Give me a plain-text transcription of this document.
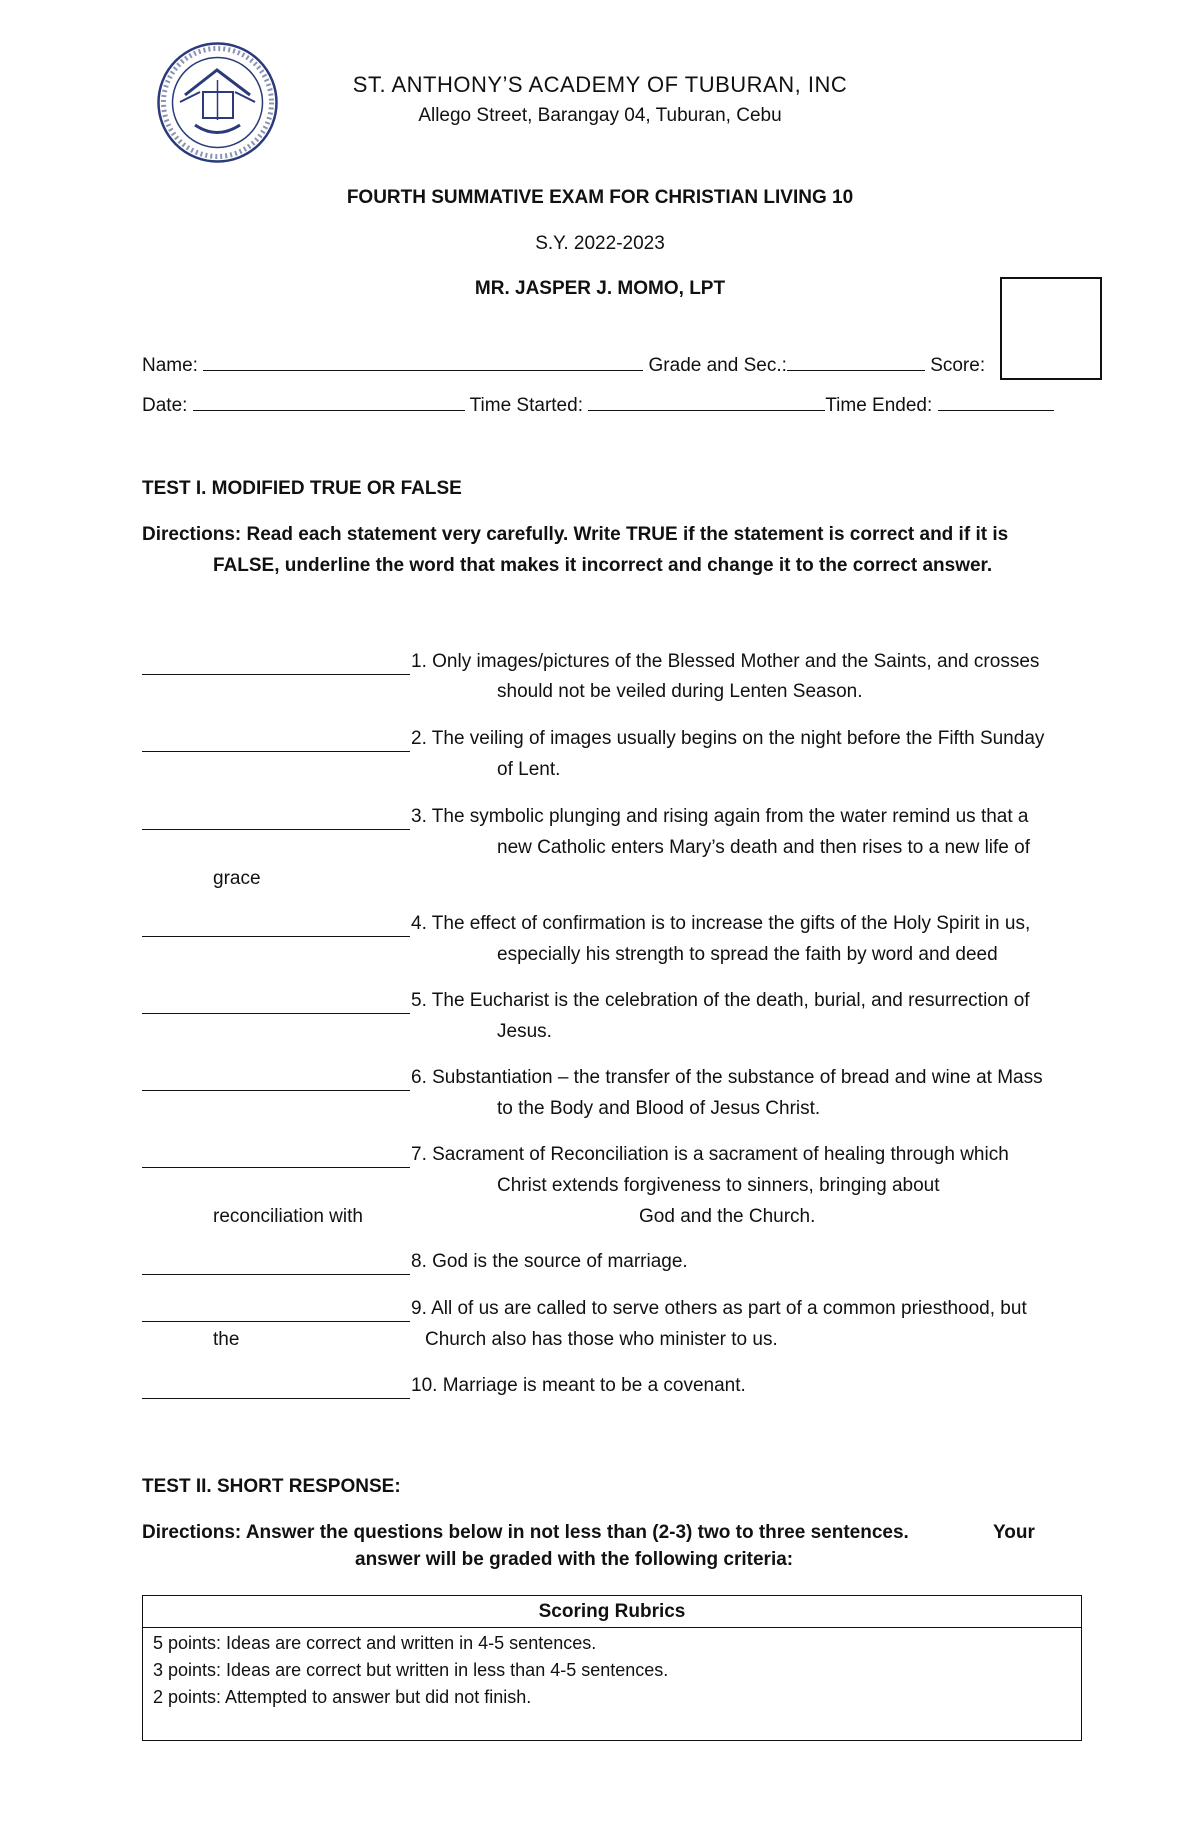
ST. ANTHONY’S ACADEMY OF TUBURAN, INC
Allego Street, Barangay 04, Tuburan, Cebu
FOURTH SUMMATIVE EXAM FOR CHRISTIAN LIVING 10
S.Y. 2022-2023
MR. JASPER J. MOMO, LPT
Name:	Grade and Sec.:	Score:
Date:	Time Started:	Time Ended:
TEST I. MODIFIED TRUE OR FALSE
Directions: Read each statement very carefully. Write TRUE if the statement is correct and if it is
FALSE, underline the word that makes it incorrect and change it to the correct answer.
1. Only images/pictures of the Blessed Mother and the Saints, and crosses
should not be veiled during Lenten Season.
2. The veiling of images usually begins on the night before the Fifth Sunday
of Lent.
3. The symbolic plunging and rising again from the water remind us that a
new Catholic enters Mary’s death and then rises to a new life of
grace
4. The effect of confirmation is to increase the gifts of the Holy Spirit in us,
especially his strength to spread the faith by word and deed
5. The Eucharist is the celebration of the death, burial, and resurrection of
Jesus.
6. Substantiation – the transfer of the substance of bread and wine at Mass
to the Body and Blood of Jesus Christ.
7. Sacrament of Reconciliation is a sacrament of healing through which
Christ extends forgiveness to sinners, bringing about
reconciliation with	God and the Church.
8. God is the source of marriage.
9. All of us are called to serve others as part of a common priesthood, but
the	Church also has those who minister to us.
10. Marriage is meant to be a covenant.
TEST II. SHORT RESPONSE:
Directions: Answer the questions below in not less than (2-3) two to three sentences.	Your
answer will be graded with the following criteria:
Scoring Rubrics
5 points: Ideas are correct and written in 4-5 sentences.
3 points: Ideas are correct but written in less than 4-5 sentences.
2 points: Attempted to answer but did not finish.
